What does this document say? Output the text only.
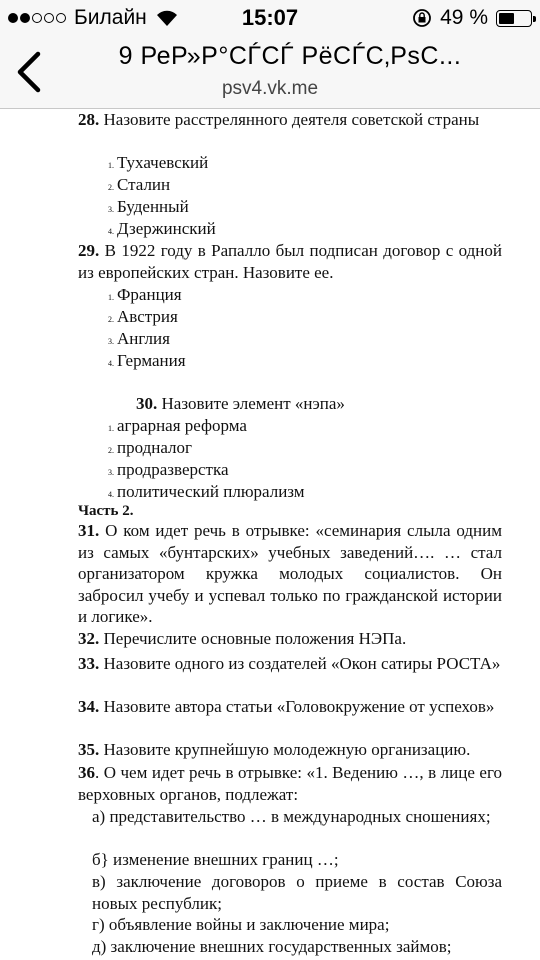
Билайн	15:07	49 %
9 РеР»Р°СЃСЃ РёСЃС‚РѕС...
psv4.vk.me

28. Назовите расстрелянного деятеля советской страны

1. Тухачевский
2. Сталин
3. Буденный
4. Дзержинский

29. В 1922 году в Рапалло был подписан договор с одной из европейских стран. Назовите ее.

1. Франция
2. Австрия
3. Англия
4. Германия

30. Назовите элемент «нэпа»

1. аграрная реформа
2. продналог
3. продразверстка
4. политический плюрализм

Часть 2.

31. О ком идет речь в отрывке: «семинария слыла одним из самых «бунтарских» учебных заведений…. … стал организатором кружка молодых социалистов. Он забросил учебу и успевал только по гражданской истории и логике».

32. Перечислите основные положения НЭПа.

33. Назовите одного из создателей «Окон сатиры РОСТА»

34. Назовите автора статьи «Головокружение от успехов»

35. Назовите крупнейшую молодежную организацию.

36. О чем идет речь в отрывке: «1. Ведению …, в лице его верховных органов, подлежат:

а) представительство … в международных сношениях;

б} изменение внешних границ …;

в) заключение договоров о приеме в состав Союза новых республик;

г) объявление войны и заключение мира;

д) заключение внешних государственных займов;
